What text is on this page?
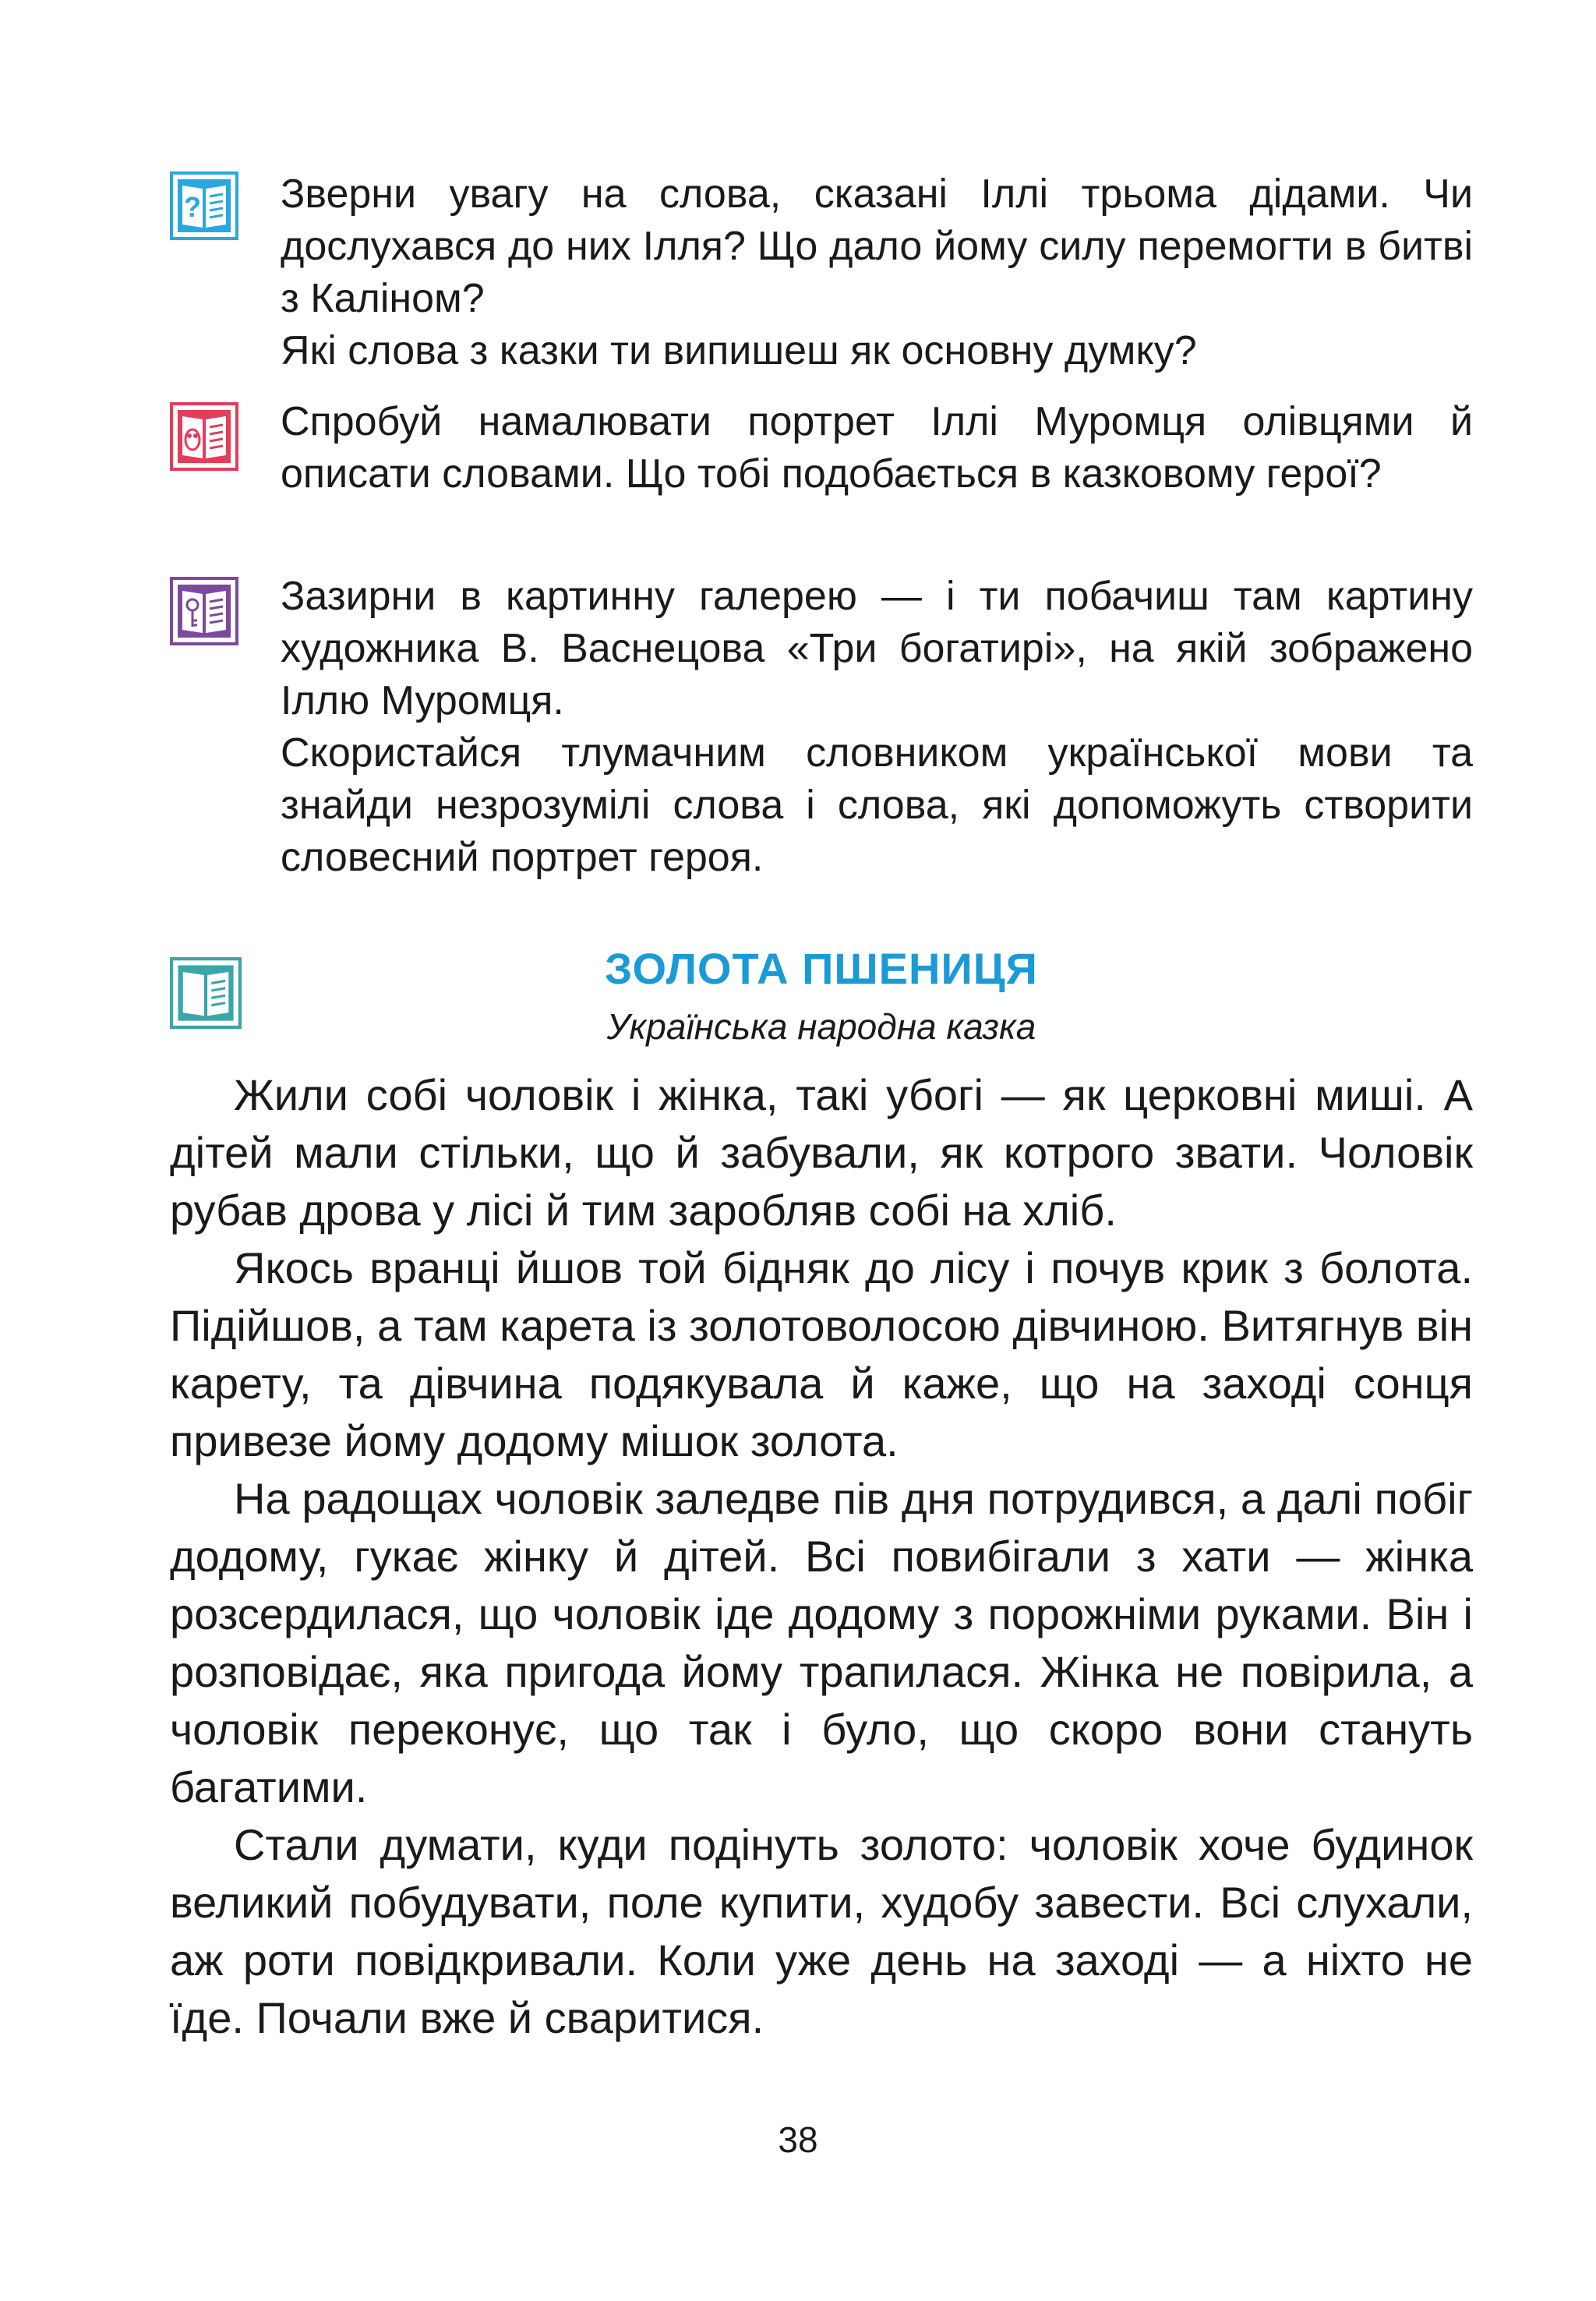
? Зверни увагу на слова, сказані Іллі трьома дідами. Чи дослухався до них Ілля? Що дало йому силу перемогти в битві з Каліном?

Які слова з казки ти випишеш як основну думку?

Спробуй намалювати портрет Іллі Муромця олівцями й описати словами. Що тобі подобається в казковому герої?

Зазирни в картинну галерею — і ти побачиш там картину художника В. Васнецова «Три богатирі», на якій зображено Іллю Муромця.

Скористайся тлумачним словником української мови та знайди незрозумілі слова і слова, які допоможуть створити словесний портрет героя.

ЗОЛОТА ПШЕНИЦЯ

Українська народна казка

Жили собі чоловік і жінка, такі убогі — як церковні миші. А дітей мали стільки, що й забували, як котрого звати. Чоловік рубав дрова у лісі й тим заробляв собі на хліб.

Якось вранці йшов той бідняк до лісу і почув крик з болота. Підійшов, а там карета із золотоволосою дівчиною. Витягнув він карету, та дівчина подякувала й каже, що на заході сонця привезе йому додому мішок золота.

На радощах чоловік заледве пів дня потрудився, а далі побіг додому, гукає жінку й дітей. Всі повибігали з хати — жінка розсердилася, що чоловік іде додому з порожніми руками. Він і розповідає, яка пригода йому трапилася. Жінка не повірила, а чоловік переконує, що так і було, що скоро вони стануть багатими.

Стали думати, куди подінуть золото: чоловік хоче будинок великий побудувати, поле купити, худобу завести. Всі слухали, аж роти повідкривали. Коли уже день на заході — а ніхто не їде. Почали вже й сваритися.

38
